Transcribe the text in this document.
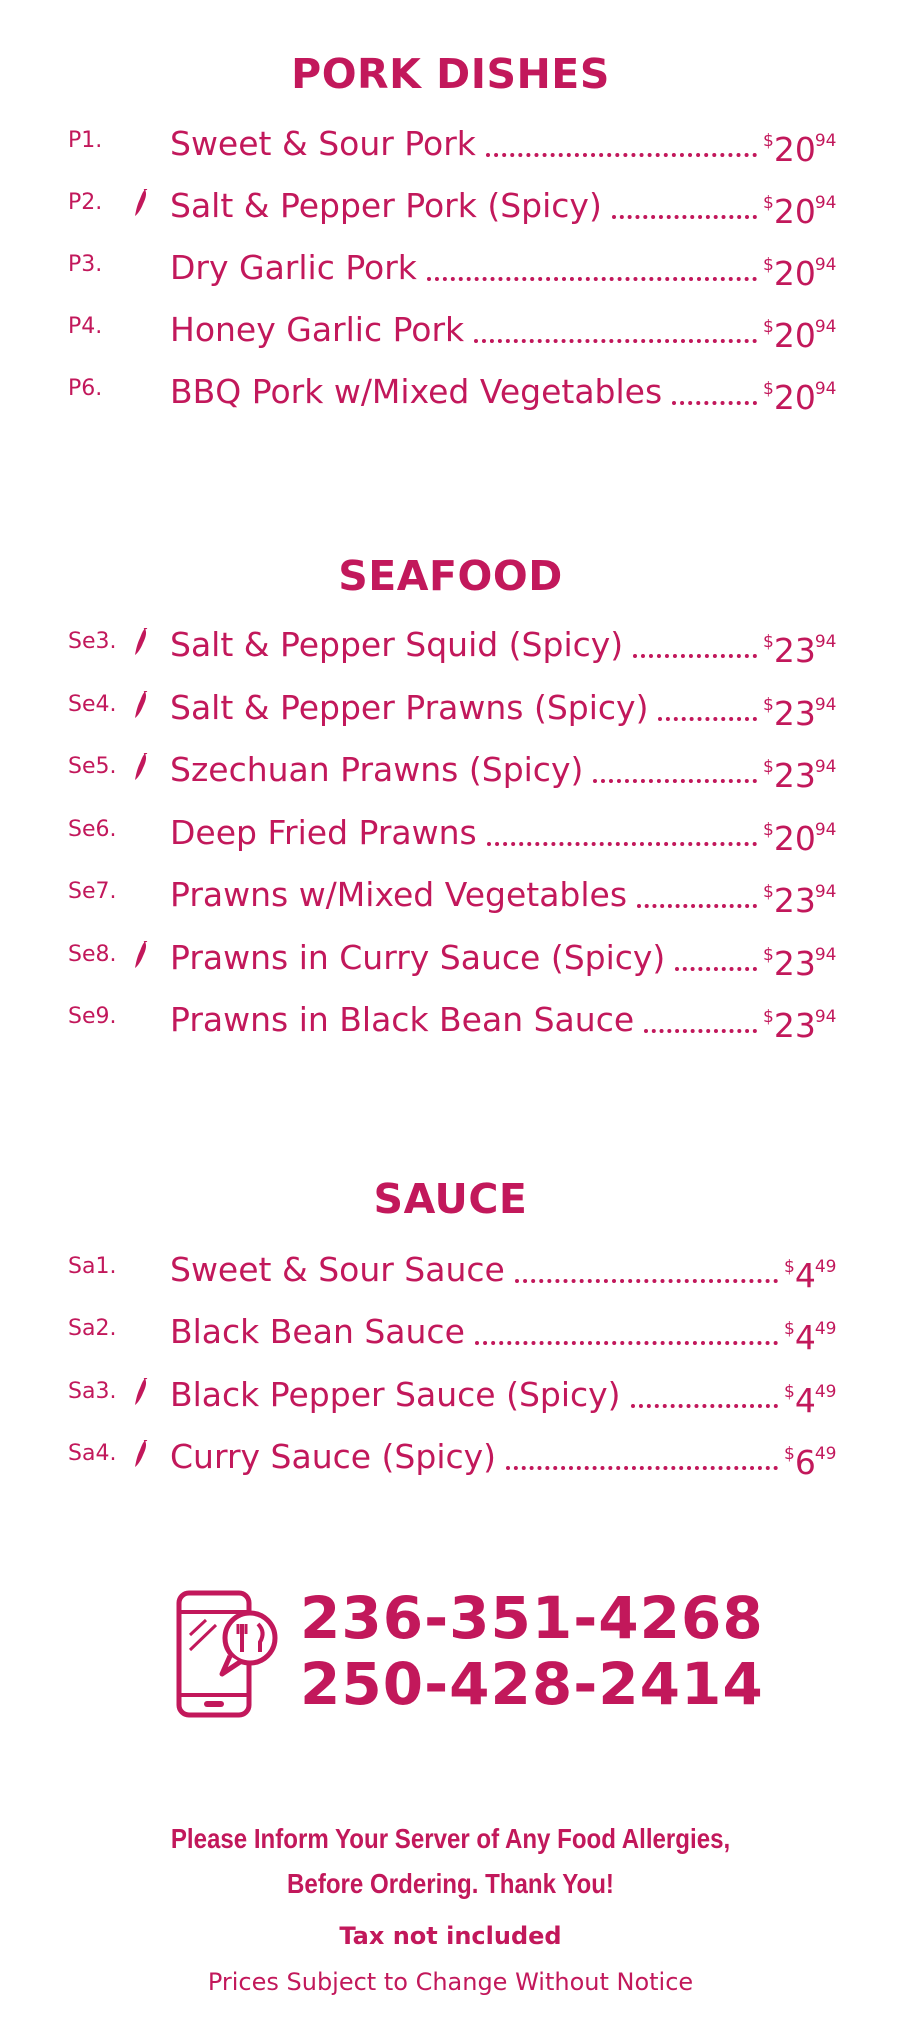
PORK DISHES
P1. Sweet & Sour Pork	$2094
P2. Salt & Pepper Pork (Spicy)	$2094
P3. Dry Garlic Pork	$2094
P4. Honey Garlic Pork	$2094
P6. BBQ Pork w/Mixed Vegetables	$2094
SEAFOOD
Se3. Salt & Pepper Squid (Spicy)	$2394
Se4. Salt & Pepper Prawns (Spicy)	$2394
Se5. Szechuan Prawns (Spicy)	$2394
Se6. Deep Fried Prawns	$2094
Se7. Prawns w/Mixed Vegetables	$2394
Se8. Prawns in Curry Sauce (Spicy)	$2394
Se9. Prawns in Black Bean Sauce	$2394
SAUCE
Sa1. Sweet & Sour Sauce	$449
Sa2. Black Bean Sauce	$449
Sa3. Black Pepper Sauce (Spicy)	$449
Sa4. Curry Sauce (Spicy)	$649
236-351-4268
250-428-2414
Please Inform Your Server of Any Food Allergies,
Before Ordering. Thank You!
Tax not included
Prices Subject to Change Without Notice
